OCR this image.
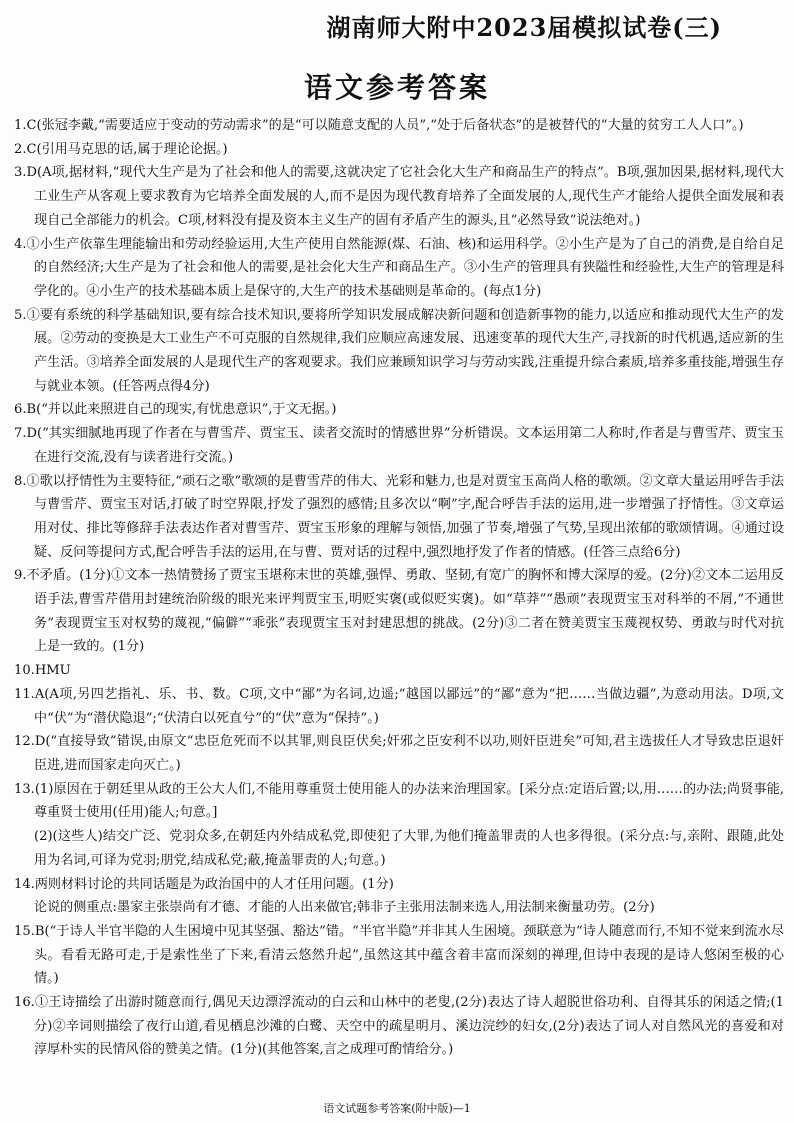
湖南师大附中2023届模拟试卷(三)
语文参考答案

1.C(张冠李戴,“需要适应于变动的劳动需求”的是“可以随意支配的人员”,“处于后备状态”的是被替代的“大量的贫穷工人人口”。)

2.C(引用马克思的话,属于理论论据。)

3.D(A项,据材料,“现代大生产是为了社会和他人的需要,这就决定了它社会化大生产和商品生产的特点”。B项,强加因果,据材料,现代大工业生产从客观上要求教育为它培养全面发展的人,而不是因为现代教育培养了全面发展的人,现代生产才能给人提供全面发展和表现自己全部能力的机会。C项,材料没有提及资本主义生产的固有矛盾产生的源头,且“必然导致”说法绝对。)

4.①小生产依靠生理能输出和劳动经验运用,大生产使用自然能源(煤、石油、核)和运用科学。②小生产是为了自己的消费,是自给自足的自然经济;大生产是为了社会和他人的需要,是社会化大生产和商品生产。③小生产的管理具有狭隘性和经验性,大生产的管理是科学化的。④小生产的技术基础本质上是保守的,大生产的技术基础则是革命的。(每点1分)

5.①要有系统的科学基础知识,要有综合技术知识,要将所学知识发展成解决新问题和创造新事物的能力,以适应和推动现代大生产的发展。②劳动的变换是大工业生产不可克服的自然规律,我们应顺应高速发展、迅速变革的现代大生产,寻找新的时代机遇,适应新的生产生活。③培养全面发展的人是现代生产的客观要求。我们应兼顾知识学习与劳动实践,注重提升综合素质,培养多重技能,增强生存与就业本领。(任答两点得4分)

6.B(“并以此来照进自己的现实,有忧患意识”,于文无据。)

7.D(“其实细腻地再现了作者在与曹雪芹、贾宝玉、读者交流时的情感世界”分析错误。文本运用第二人称时,作者是与曹雪芹、贾宝玉在进行交流,没有与读者进行交流。)

8.①歌以抒情性为主要特征,“顽石之歌”歌颂的是曹雪芹的伟大、光彩和魅力,也是对贾宝玉高尚人格的歌颂。②文章大量运用呼告手法与曹雪芹、贾宝玉对话,打破了时空界限,抒发了强烈的感情;且多次以“啊”字,配合呼告手法的运用,进一步增强了抒情性。③文章运用对仗、排比等修辞手法表达作者对曹雪芹、贾宝玉形象的理解与领悟,加强了节奏,增强了气势,呈现出浓郁的歌颂情调。④通过设疑、反问等提问方式,配合呼告手法的运用,在与曹、贾对话的过程中,强烈地抒发了作者的情感。(任答三点给6分)

9.不矛盾。(1分)①文本一热情赞扬了贾宝玉堪称末世的英雄,强悍、勇敢、坚韧,有宽广的胸怀和博大深厚的爱。(2分)②文本二运用反语手法,曹雪芹借用封建统治阶级的眼光来评判贾宝玉,明贬实褒(或似贬实褒)。如“草莽”“愚顽”表现贾宝玉对科举的不屑,“不通世务”表现贾宝玉对权势的蔑视,“偏僻”“乖张”表现贾宝玉对封建思想的挑战。(2分)③二者在赞美贾宝玉蔑视权势、勇敢与时代对抗上是一致的。(1分)

10.HMU

11.A(A项,另四艺指礼、乐、书、数。C项,文中“鄙”为名词,边遥;“越国以鄙远”的“鄙”意为“把……当做边疆”,为意动用法。D项,文中“伏”为“潜伏隐退”;“伏清白以死直兮”的“伏”意为“保持”。)

12.D(“直接导致”错误,由原文“忠臣危死而不以其罪,则良臣伏矣;奸邪之臣安利不以功,则奸臣进矣”可知,君主选拔任人才导致忠臣退奸臣进,进而国家走向灭亡。)

13.(1)原因在于朝廷里从政的王公大人们,不能用尊重贤士使用能人的办法来治理国家。[采分点:定语后置;以,用……的办法;尚贤事能,尊重贤士使用(任用)能人;句意。]

(2)(这些人)结交广泛、党羽众多,在朝廷内外结成私党,即使犯了大罪,为他们掩盖罪责的人也多得很。(采分点:与,亲附、跟随,此处用为名词,可译为党羽;朋党,结成私党;蔽,掩盖罪责的人;句意。)

14.两则材料讨论的共同话题是为政治国中的人才任用问题。(1分)

论说的侧重点:墨家主张崇尚有才德、才能的人出来做官;韩非子主张用法制来选人,用法制来衡量功劳。(2分)

15.B(“于诗人半官半隐的人生困境中见其坚强、豁达”错。“半官半隐”并非其人生困境。颈联意为“诗人随意而行,不知不觉来到流水尽头。看看无路可走,于是索性坐了下来,看清云悠然升起”,虽然这其中蕴含着丰富而深刻的禅理,但诗中表现的是诗人悠闲至极的心情。)

16.①王诗描绘了出游时随意而行,偶见天边漂浮流动的白云和山林中的老叟,(2分)表达了诗人超脱世俗功利、自得其乐的闲适之情;(1分)②辛词则描绘了夜行山道,看见栖息沙滩的白鹭、天空中的疏星明月、溪边浣纱的妇女,(2分)表达了词人对自然风光的喜爱和对淳厚朴实的民情风俗的赞美之情。(1分)(其他答案,言之成理可酌情给分。)

语文试题参考答案(附中版)—1
